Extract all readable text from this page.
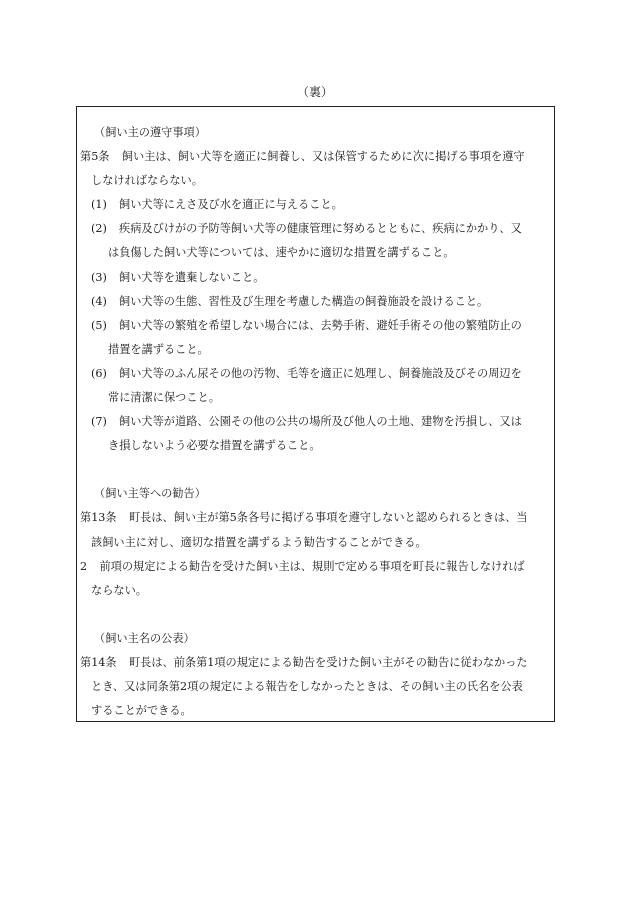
（裏）
（飼い主の遵守事項）
第5条 飼い主は、飼い犬等を適正に飼養し、又は保管するために次に掲げる事項を遵守
しなければならない。
(1) 飼い犬等にえさ及び水を適正に与えること。
(2) 疾病及びけがの予防等飼い犬等の健康管理に努めるとともに、疾病にかかり、又
は負傷した飼い犬等については、速やかに適切な措置を講ずること。
(3) 飼い犬等を遺棄しないこと。
(4) 飼い犬等の生態、習性及び生理を考慮した構造の飼養施設を設けること。
(5) 飼い犬等の繁殖を希望しない場合には、去勢手術、避妊手術その他の繁殖防止の
措置を講ずること。
(6) 飼い犬等のふん尿その他の汚物、毛等を適正に処理し、飼養施設及びその周辺を
常に清潔に保つこと。
(7) 飼い犬等が道路、公園その他の公共の場所及び他人の土地、建物を汚損し、又は
き損しないよう必要な措置を講ずること。
（飼い主等への勧告）
第13条 町長は、飼い主が第5条各号に掲げる事項を遵守しないと認められるときは、当
該飼い主に対し、適切な措置を講ずるよう勧告することができる。
2 前項の規定による勧告を受けた飼い主は、規則で定める事項を町長に報告しなければ
ならない。
（飼い主名の公表）
第14条 町長は、前条第1項の規定による勧告を受けた飼い主がその勧告に従わなかった
とき、又は同条第2項の規定による報告をしなかったときは、その飼い主の氏名を公表
することができる。
